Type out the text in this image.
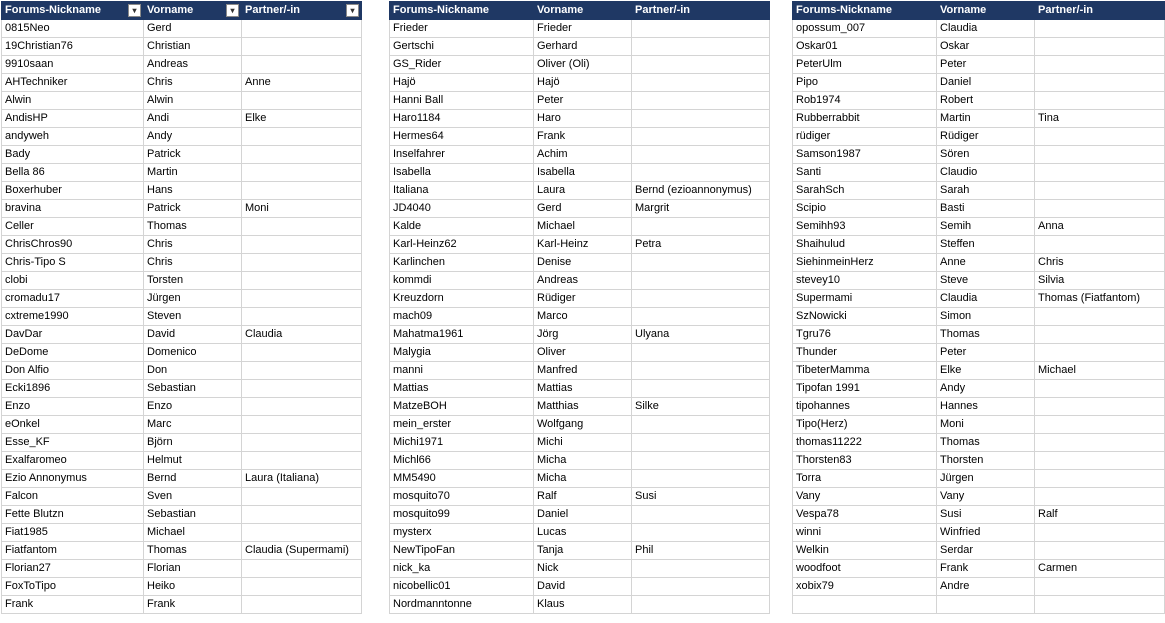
Forums-Nickname ▾	Vorname ▾	Partner/-in ▾

0815Neo	Gerd	
19Christian76	Christian	
9910saan	Andreas	
AHTechniker	Chris	Anne
Alwin	Alwin	
AndisHP	Andi	Elke
andyweh	Andy	
Bady	Patrick	
Bella 86	Martin	
Boxerhuber	Hans	
bravina	Patrick	Moni
Celler	Thomas	
ChrisChros90	Chris	
Chris-Tipo S	Chris	
clobi	Torsten	
cromadu17	Jürgen	
cxtreme1990	Steven	
DavDar	David	Claudia
DeDome	Domenico	
Don Alfio	Don	
Ecki1896	Sebastian	
Enzo	Enzo	
eOnkel	Marc	
Esse_KF	Björn	
Exalfaromeo	Helmut	
Ezio Annonymus	Bernd	Laura (Italiana)
Falcon	Sven	
Fette Blutzn	Sebastian	
Fiat1985	Michael	
Fiatfantom	Thomas	Claudia (Supermami)
Florian27	Florian	
FoxToTipo	Heiko	
Frank	Frank	
Forums-Nickname	Vorname	Partner/-in
Frieder	Frieder	
Gertschi	Gerhard	
GS_Rider	Oliver (Oli)	
Hajö	Hajö	
Hanni Ball	Peter	
Haro1184	Haro	
Hermes64	Frank	
Inselfahrer	Achim	
Isabella	Isabella	
Italiana	Laura	Bernd (ezioannonymus)
JD4040	Gerd	Margrit
Kalde	Michael	
Karl-Heinz62	Karl-Heinz	Petra
Karlinchen	Denise	
kommdi	Andreas	
Kreuzdorn	Rüdiger	
mach09	Marco	
Mahatma1961	Jörg	Ulyana
Malygia	Oliver	
manni	Manfred	
Mattias	Mattias	
MatzeBOH	Matthias	Silke
mein_erster	Wolfgang	
Michi1971	Michi	
Michl66	Micha	
MM5490	Micha	
mosquito70	Ralf	Susi
mosquito99	Daniel	
mysterx	Lucas	
NewTipoFan	Tanja	Phil
nick_ka	Nick	
nicobellic01	David	
Nordmanntonne	Klaus	
Forums-Nickname	Vorname	Partner/-in
opossum_007	Claudia	
Oskar01	Oskar	
PeterUlm	Peter	
Pipo	Daniel	
Rob1974	Robert	
Rubberrabbit	Martin	Tina
rüdiger	Rüdiger	
Samson1987	Sören	
Santi	Claudio	
SarahSch	Sarah	
Scipio	Basti	
Semihh93	Semih	Anna
Shaihulud	Steffen	
SiehinmeinHerz	Anne	Chris
stevey10	Steve	Silvia
Supermami	Claudia	Thomas (Fiatfantom)
SzNowicki	Simon	
Tgru76	Thomas	
Thunder	Peter	
TibeterMamma	Elke	Michael
Tipofan 1991	Andy	
tipohannes	Hannes	
Tipo(Herz)	Moni	
thomas11222	Thomas	
Thorsten83	Thorsten	
Torra	Jürgen	
Vany	Vany	
Vespa78	Susi	Ralf
winni	Winfried	
Welkin	Serdar	
woodfoot	Frank	Carmen
xobix79	Andre	
